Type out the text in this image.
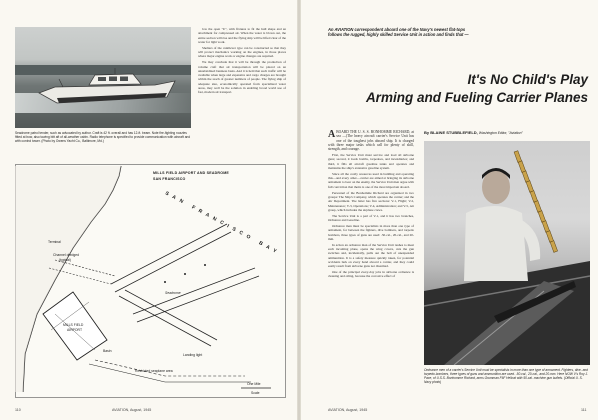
Seadrome patrol tender, such as advocated by author. Craft is 42 ft. overall and has 12-ft. beam. Note fire-fighting nozzles fitted at bow, also towing bitt aft of all-weather cabin. Radio telephone is specified to provide communication with aircraft and with control tower. (Photo by Owens Yacht Co., Baltimore, Md.)

low the open "U", with fixtures to fit the hull shape and an attachment for compressed air. When the water is blown out, the entire section will rise and the flying ship will be lifted clear of the water for light work.

Shelters of the cantilever type can be constructed so that they will protect mechanics working on the engines, in those places where major engine work or engine changes are required.

We may conclude that it will be through the production of volume craft that air transportation will be placed on an unsubsidized business basis. And it is held that such traffic will be available when large and expensive and cargo charges are brought within the reach of greater numbers of people. The flying ship of adequate size, economically operated from specialized water areas, may well be the solution in enabling broad world use of fast, modern air transport.

MILLS FIELD AIRPORT AND SEADROME
SAN FRANCISCO
SAN FRANCISCO BAY
Terminal
Channel dredged
(typical)
Seadrome
MILLS FIELD
AIRPORT
Basin
Landing light
Restricted seaplane area
One Mile
Scale
110	AVIATION, August, 1945
An AVIATION correspondent aboard one of the Navy's newest flat-tops follows the rugged, highly skilled Service Unit in action and finds that —
It's No Child's Play
Arming and Fueling Carrier Planes

ABOARD THE U. S. S. BONHOMME RICHARD, at sea —(The heavy aircraft carrier's Service Unit has one of the toughest jobs aboard ship. It is charged with three major tasks which call for plenty of skill, strength, and courage.

First, the Service Unit must service and load all airborne guns; second, it loads bombs, torpedoes, and incendiaries; and third, it fills all aircraft gasoline tanks and operates and maintains the ship's extensive gasoline system.

Since all the costly resources used in building and operating this—and every other—carrier are aimed at bringing its airborne armament to bear on the enemy, the Service Unit men argue with full conviction that theirs is one of the most important aboard.

Personnel of the Bonhomme Richard are organized in two groups: The Ship's Company, which operates the carrier; and the Air Department. The latter has five sections: V-1, Flight; V-2, Maintenance; V-3, Operations; V-4, Administration; and V-5, Air group, which includes the airplane crews.

The Service Unit is a part of V-1, and it has two branches, Ordnance and Gasoline.

Ordnance men must be specialists in more than one type of armament, for between the fighters, dive bombers, and torpedo bombers, three types of guns are used: .50-cal., 20-cal., and 20-mm.

In action an ordnance man of the Service Unit rushes to meet each incoming plane, opens the wing covers, cuts the gun switches and, incidentally, pulls out the belt of unexpended ammunition. It is a safety measure quickly taken, for potential accidents lurk on every hand aboard a carrier, and they could easily result from airborne guns not disarmed.

One of the principal every-day jobs in airborne ordnance is cleaning and oiling, because the corrosive effect of

By BLAINE STUBBLEFIELD, Washington Editor, "Aviation"
Ordnance men of a carrier's Service Unit must be specialists in more than one type of armament. Fighters, dive- and torpedo-bombers, three types of guns and ammunition are used. .50-cal., 20-cal., and 20-mm. Here NOW V's Roy J. Pace, of U.S.S. Bonhomme Richard, arms Grumman F6F Hellcat with 50-cal. machine gun bullets. (Official U. S. Navy photo)
AVIATION, August, 1945	111
